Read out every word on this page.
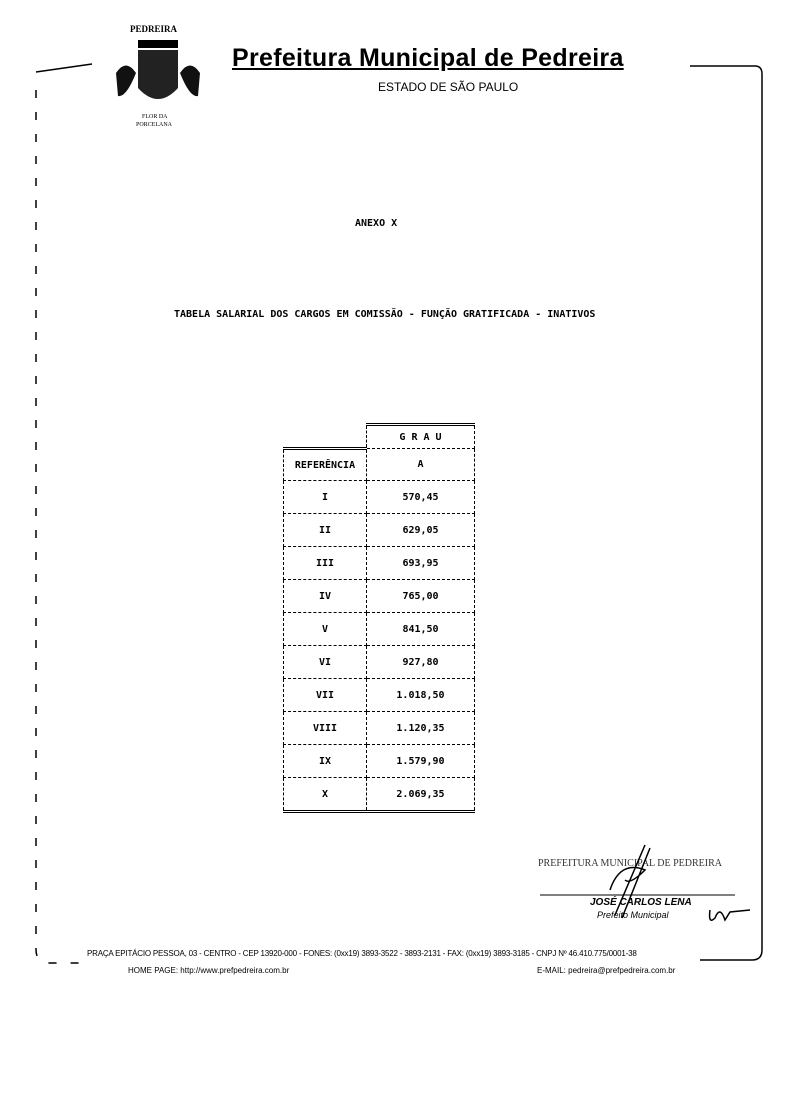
PEDREIRA
FLOR DA
PORCELANA
Prefeitura Municipal de Pedreira
ESTADO DE SÃO PAULO
ANEXO X
TABELA SALARIAL DOS CARGOS EM COMISSÃO - FUNÇÃO GRATIFICADA - INATIVOS
	G R A U
REFERÊNCIA	A
I	570,45
II	629,05
III	693,95
IV	765,00
V	841,50
VI	927,80
VII	1.018,50
VIII	1.120,35
IX	1.579,90
X	2.069,35
PREFEITURA MUNICIPAL DE PEDREIRA
JOSÉ CARLOS LENA
Prefeito Municipal
PRAÇA EPITÁCIO PESSOA, 03 - CENTRO - CEP 13920-000 - FONES: (0xx19) 3893-3522 - 3893-2131 - FAX: (0xx19) 3893-3185 - CNPJ Nº 46.410.775/0001-38
HOME PAGE: http://www.prefpedreira.com.br	E-MAIL: pedreira@prefpedreira.com.br
